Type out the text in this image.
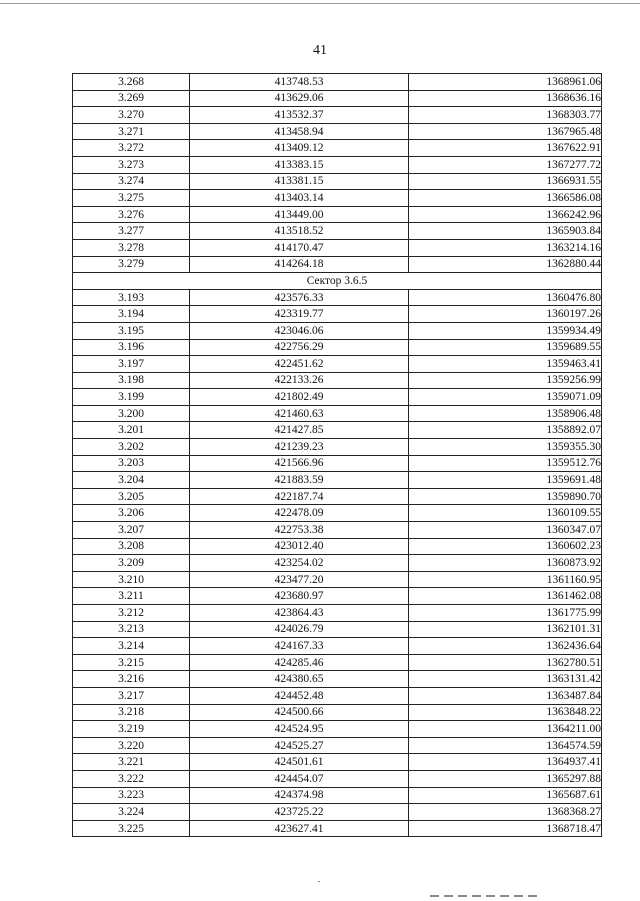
41
3.268	413748.53	1368961.06
3.269	413629.06	1368636.16
3.270	413532.37	1368303.77
3.271	413458.94	1367965.48
3.272	413409.12	1367622.91
3.273	413383.15	1367277.72
3.274	413381.15	1366931.55
3.275	413403.14	1366586.08
3.276	413449.00	1366242.96
3.277	413518.52	1365903.84
3.278	414170.47	1363214.16
3.279	414264.18	1362880.44
Сектор 3.6.5		
3.193	423576.33	1360476.80
3.194	423319.77	1360197.26
3.195	423046.06	1359934.49
3.196	422756.29	1359689.55
3.197	422451.62	1359463.41
3.198	422133.26	1359256.99
3.199	421802.49	1359071.09
3.200	421460.63	1358906.48
3.201	421427.85	1358892.07
3.202	421239.23	1359355.30
3.203	421566.96	1359512.76
3.204	421883.59	1359691.48
3.205	422187.74	1359890.70
3.206	422478.09	1360109.55
3.207	422753.38	1360347.07
3.208	423012.40	1360602.23
3.209	423254.02	1360873.92
3.210	423477.20	1361160.95
3.211	423680.97	1361462.08
3.212	423864.43	1361775.99
3.213	424026.79	1362101.31
3.214	424167.33	1362436.64
3.215	424285.46	1362780.51
3.216	424380.65	1363131.42
3.217	424452.48	1363487.84
3.218	424500.66	1363848.22
3.219	424524.95	1364211.00
3.220	424525.27	1364574.59
3.221	424501.61	1364937.41
3.222	424454.07	1365297.88
3.223	424374.98	1365687.61
3.224	423725.22	1368368.27
3.225	423627.41	1368718.47
